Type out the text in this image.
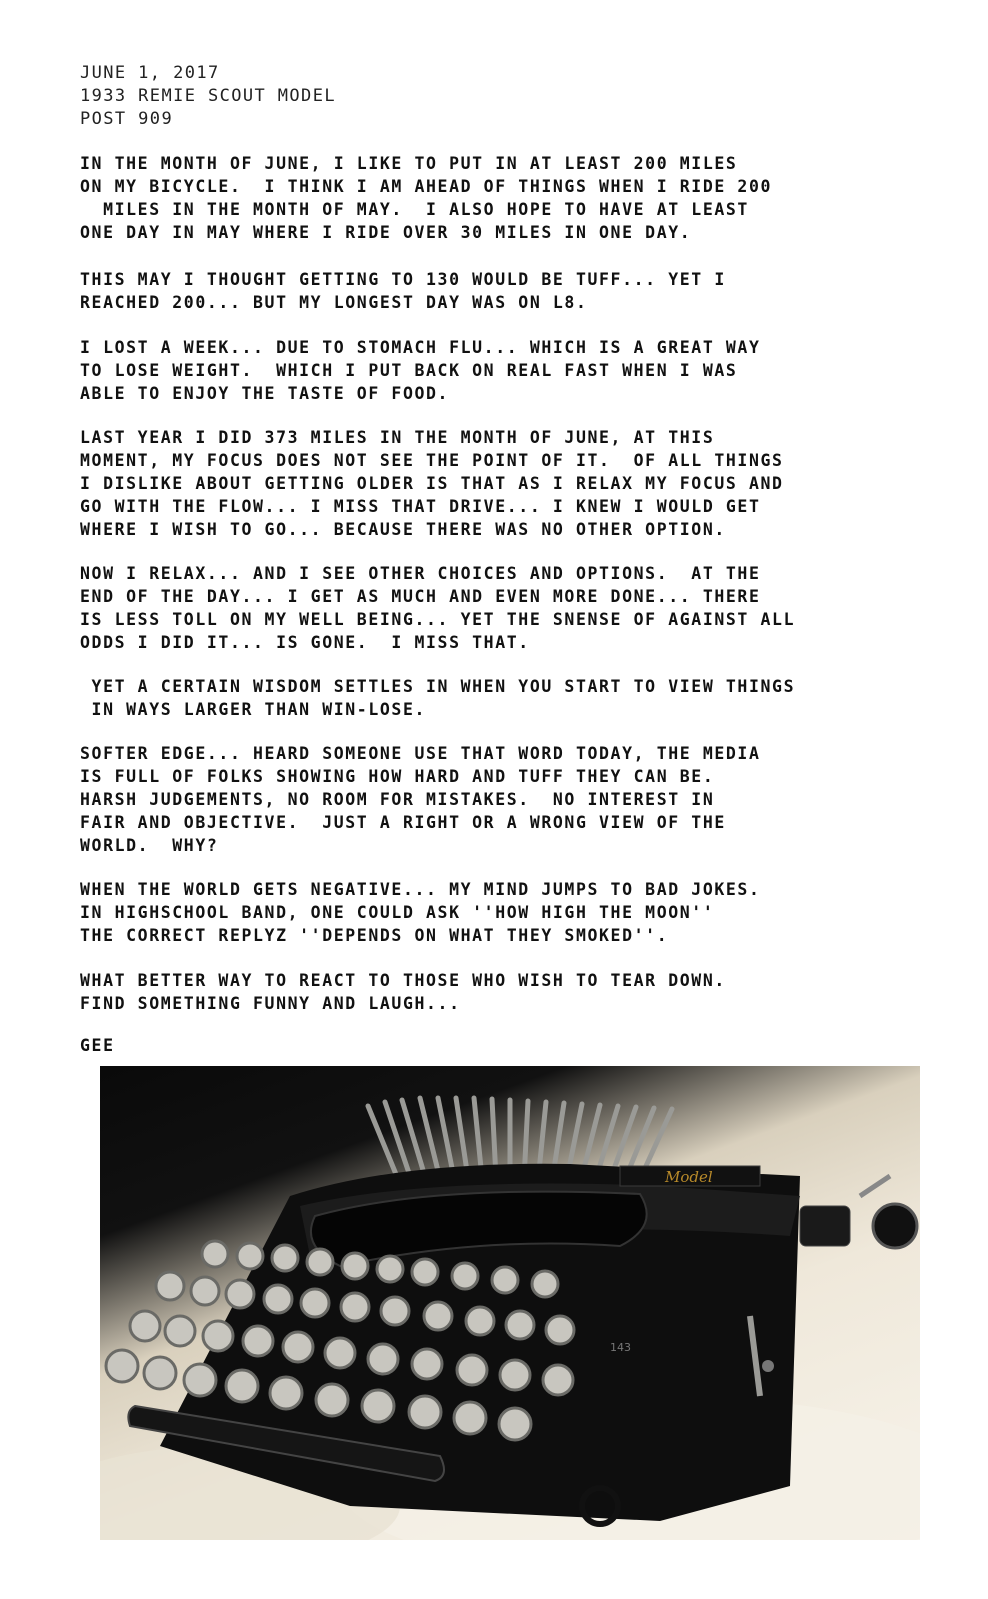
JUNE 1, 2017
1933 REMIE SCOUT MODEL
POST 909
IN THE MONTH OF JUNE, I LIKE TO PUT IN AT LEAST 200 MILES
ON MY BICYCLE.  I THINK I AM AHEAD OF THINGS WHEN I RIDE 200
MILES IN THE MONTH OF MAY.  I ALSO HOPE TO HAVE AT LEAST
ONE DAY IN MAY WHERE I RIDE OVER 30 MILES IN ONE DAY.
THIS MAY I THOUGHT GETTING TO 130 WOULD BE TUFF... YET I
REACHED 200... BUT MY LONGEST DAY WAS ON L8.
I LOST A WEEK... DUE TO STOMACH FLU... WHICH IS A GREAT WAY
TO LOSE WEIGHT.  WHICH I PUT BACK ON REAL FAST WHEN I WAS
ABLE TO ENJOY THE TASTE OF FOOD.
LAST YEAR I DID 373 MILES IN THE MONTH OF JUNE, AT THIS
MOMENT, MY FOCUS DOES NOT SEE THE POINT OF IT.  OF ALL THINGS
I DISLIKE ABOUT GETTING OLDER IS THAT AS I RELAX MY FOCUS AND
GO WITH THE FLOW... I MISS THAT DRIVE... I KNEW I WOULD GET
WHERE I WISH TO GO... BECAUSE THERE WAS NO OTHER OPTION.
NOW I RELAX... AND I SEE OTHER CHOICES AND OPTIONS.  AT THE
END OF THE DAY... I GET AS MUCH AND EVEN MORE DONE... THERE
IS LESS TOLL ON MY WELL BEING... YET THE SNENSE OF AGAINST ALL
ODDS I DID IT... IS GONE.  I MISS THAT.
YET A CERTAIN WISDOM SETTLES IN WHEN YOU START TO VIEW THINGS
IN WAYS LARGER THAN WIN-LOSE.
SOFTER EDGE... HEARD SOMEONE USE THAT WORD TODAY, THE MEDIA
IS FULL OF FOLKS SHOWING HOW HARD AND TUFF THEY CAN BE.
HARSH JUDGEMENTS, NO ROOM FOR MISTAKES.  NO INTEREST IN
FAIR AND OBJECTIVE.  JUST A RIGHT OR A WRONG VIEW OF THE
WORLD.  WHY?
WHEN THE WORLD GETS NEGATIVE... MY MIND JUMPS TO BAD JOKES.
IN HIGHSCHOOL BAND, ONE COULD ASK ''HOW HIGH THE MOON''
THE CORRECT REPLYZ ''DEPENDS ON WHAT THEY SMOKED''.
WHAT BETTER WAY TO REACT TO THOSE WHO WISH TO TEAR DOWN.
FIND SOMETHING FUNNY AND LAUGH...
GEE
Model
143
